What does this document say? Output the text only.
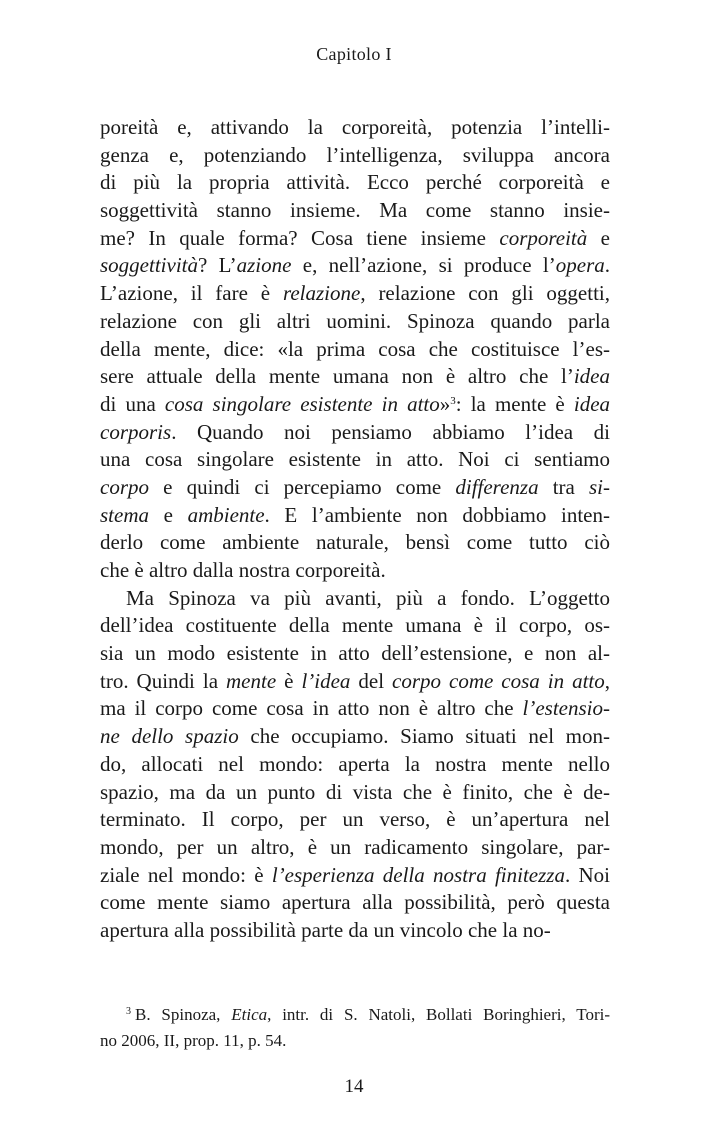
Capitolo I
poreità e, attivando la corporeità, potenzia l’intelli-
genza e, potenziando l’intelligenza, sviluppa ancora
di più la propria attività. Ecco perché corporeità e
soggettività stanno insieme. Ma come stanno insie-
me? In quale forma? Cosa tiene insieme corporeità e
soggettività? L’azione e, nell’azione, si produce l’opera.
L’azione, il fare è relazione, relazione con gli oggetti,
relazione con gli altri uomini. Spinoza quando parla
della mente, dice: «la prima cosa che costituisce l’es-
sere attuale della mente umana non è altro che l’idea
di una cosa singolare esistente in atto»$^3$: la mente è idea
corporis. Quando noi pensiamo abbiamo l’idea di
una cosa singolare esistente in atto. Noi ci sentiamo
corpo e quindi ci percepiamo come differenza tra si-
stema e ambiente. E l’ambiente non dobbiamo inten-
derlo come ambiente naturale, bensì come tutto ciò
che è altro dalla nostra corporeità.
Ma Spinoza va più avanti, più a fondo. L’oggetto
dell’idea costituente della mente umana è il corpo, os-
sia un modo esistente in atto dell’estensione, e non al-
tro. Quindi la mente è l’idea del corpo come cosa in atto,
ma il corpo come cosa in atto non è altro che l’estensio-
ne dello spazio che occupiamo. Siamo situati nel mon-
do, allocati nel mondo: aperta la nostra mente nello
spazio, ma da un punto di vista che è finito, che è de-
terminato. Il corpo, per un verso, è un’apertura nel
mondo, per un altro, è un radicamento singolare, par-
ziale nel mondo: è l’esperienza della nostra finitezza. Noi
come mente siamo apertura alla possibilità, però questa
apertura alla possibilità parte da un vincolo che la no-
$^3$ B. Spinoza, Etica, intr. di S. Natoli, Bollati Boringhieri, Tori-
no 2006, II, prop. 11, p. 54.
14
